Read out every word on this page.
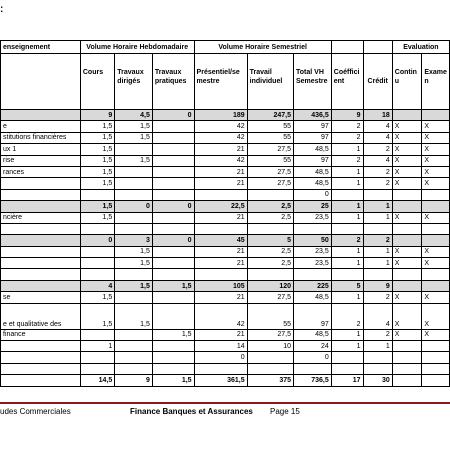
:
enseignement	Volume Horaire Hebdomadaire			Volume Horaire Semestriel					Evaluation	
	Cours	Travaux dirigés	Travaux pratiques	Présentiel/se mestre	Travail individuel	Total VH Semestre	Coéffici ent	Crédit	Contin u	Exame n
	9	4,5	0	189	247,5	436,5	9	18		
e	1,5	1,5		42	55	97	2	4	X	X
stitutions financières	1,5	1,5		42	55	97	2	4	X	X
ux 1	1,5			21	27,5	48,5	1	2	X	X
rise	1,5	1,5		42	55	97	2	4	X	X
rances	1,5			21	27,5	48,5	1	2	X	X
	1,5			21	27,5	48,5	1	2	X	X
						0				
	1,5	0	0	22,5	2,5	25	1	1		
ncière	1,5			21	2,5	23,5	1	1	X	X

	0	3	0	45	5	50	2	2		
		1,5		21	2,5	23,5	1	1	X	X
		1,5		21	2,5	23,5	1	1	X	X

	4	1,5	1,5	105	120	225	5	9		
se	1,5			21	27,5	48,5	1	2	X	X
e et qualitative des	1,5	1,5		42	55	97	2	4	X	X
finance			1,5	21	27,5	48,5	1	2	X	X
	1			14	10	24	1	1		
				0		0				

	14,5	9	1,5	361,5	375	736,5	17	30		
udes Commerciales	Finance Banques et Assurances Page 15
